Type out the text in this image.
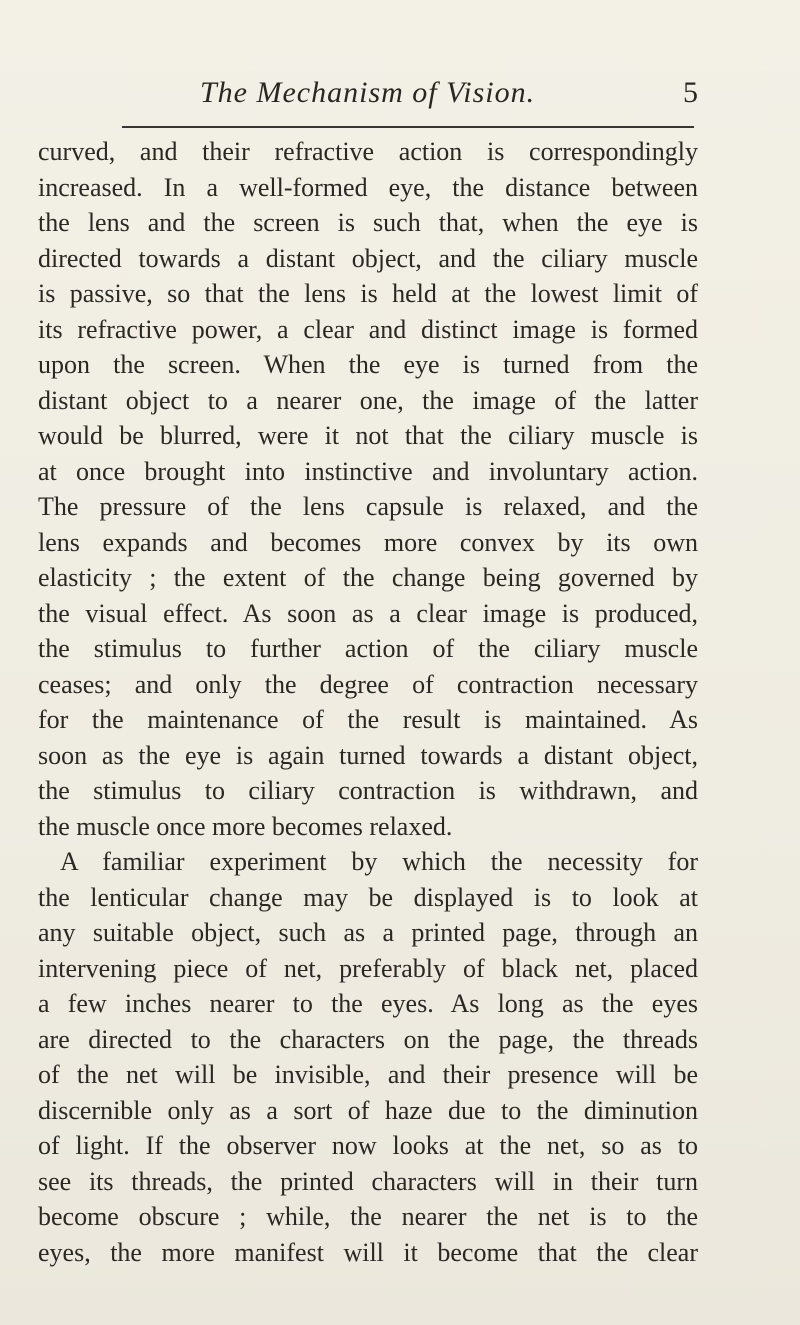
The Mechanism of Vision.	5
curved, and their refractive action is correspondingly
increased. In a well-formed eye, the distance between
the lens and the screen is such that, when the eye is
directed towards a distant object, and the ciliary muscle
is passive, so that the lens is held at the lowest limit of
its refractive power, a clear and distinct image is formed
upon the screen. When the eye is turned from the
distant object to a nearer one, the image of the latter
would be blurred, were it not that the ciliary muscle is
at once brought into instinctive and involuntary action.
The pressure of the lens capsule is relaxed, and the
lens expands and becomes more convex by its own
elasticity ; the extent of the change being governed by
the visual effect. As soon as a clear image is produced,
the stimulus to further action of the ciliary muscle
ceases; and only the degree of contraction necessary
for the maintenance of the result is maintained. As
soon as the eye is again turned towards a distant object,
the stimulus to ciliary contraction is withdrawn, and
the muscle once more becomes relaxed.
A familiar experiment by which the necessity for
the lenticular change may be displayed is to look at
any suitable object, such as a printed page, through an
intervening piece of net, preferably of black net, placed
a few inches nearer to the eyes. As long as the eyes
are directed to the characters on the page, the threads
of the net will be invisible, and their presence will be
discernible only as a sort of haze due to the diminution
of light. If the observer now looks at the net, so as to
see its threads, the printed characters will in their turn
become obscure ; while, the nearer the net is to the
eyes, the more manifest will it become that the clear
